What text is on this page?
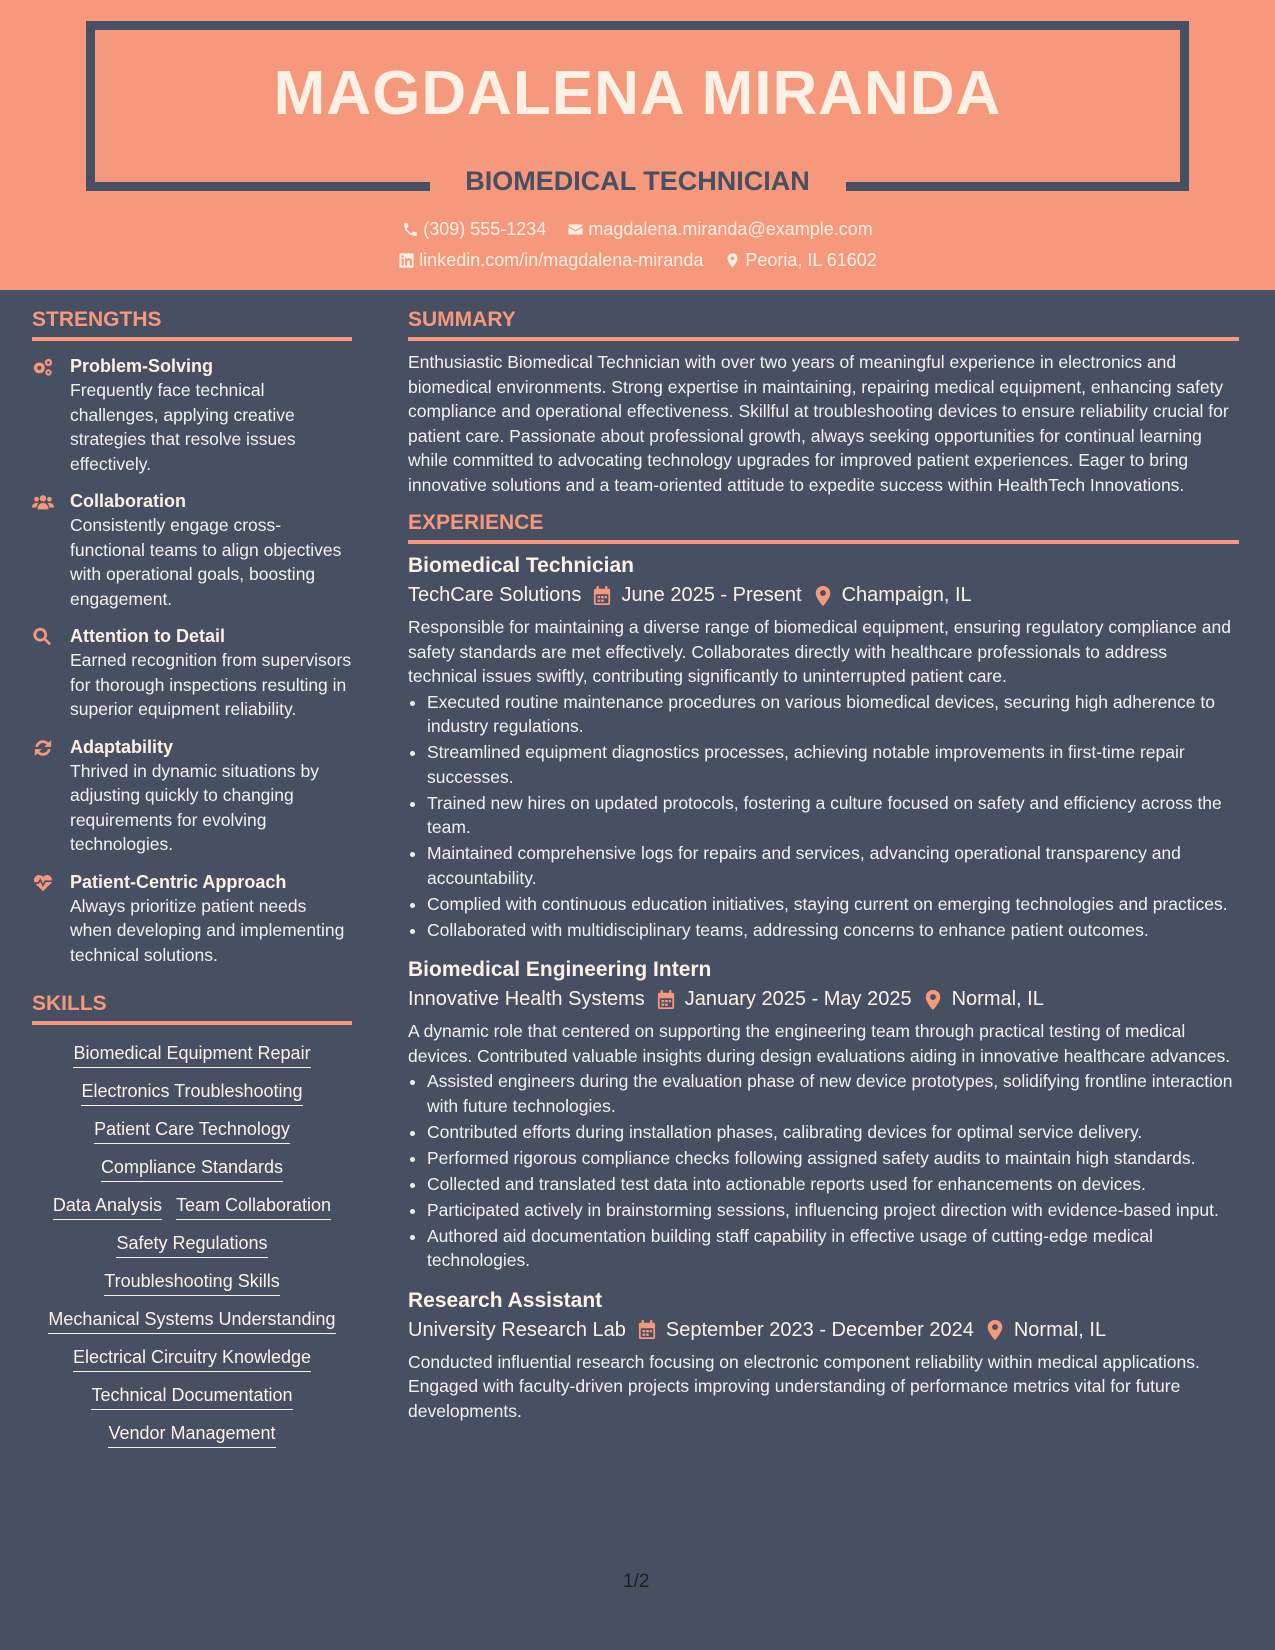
MAGDALENA MIRANDA
BIOMEDICAL TECHNICIAN
(309) 555-1234
magdalena.miranda@example.com
linkedin.com/in/magdalena-miranda
Peoria, IL 61602
STRENGTHS
Problem-Solving
Frequently face technical challenges, applying creative strategies that resolve issues effectively.
Collaboration
Consistently engage cross-functional teams to align objectives with operational goals, boosting engagement.
Attention to Detail
Earned recognition from supervisors for thorough inspections resulting in superior equipment reliability.
Adaptability
Thrived in dynamic situations by adjusting quickly to changing requirements for evolving technologies.
Patient-Centric Approach
Always prioritize patient needs when developing and implementing technical solutions.
SKILLS
Biomedical Equipment Repair
Electronics Troubleshooting
Patient Care Technology
Compliance Standards
Data Analysis Team Collaboration
Safety Regulations
Troubleshooting Skills
Mechanical Systems Understanding
Electrical Circuitry Knowledge
Technical Documentation
Vendor Management
SUMMARY
Enthusiastic Biomedical Technician with over two years of meaningful experience in electronics and biomedical environments. Strong expertise in maintaining, repairing medical equipment, enhancing safety compliance and operational effectiveness. Skillful at troubleshooting devices to ensure reliability crucial for patient care. Passionate about professional growth, always seeking opportunities for continual learning while committed to advocating technology upgrades for improved patient experiences. Eager to bring innovative solutions and a team-oriented attitude to expedite success within HealthTech Innovations.
EXPERIENCE
Biomedical Technician
TechCare Solutions June 2025 - Present Champaign, IL
Responsible for maintaining a diverse range of biomedical equipment, ensuring regulatory compliance and safety standards are met effectively. Collaborates directly with healthcare professionals to address technical issues swiftly, contributing significantly to uninterrupted patient care.
• Executed routine maintenance procedures on various biomedical devices, securing high adherence to industry regulations.
• Streamlined equipment diagnostics processes, achieving notable improvements in first-time repair successes.
• Trained new hires on updated protocols, fostering a culture focused on safety and efficiency across the team.
• Maintained comprehensive logs for repairs and services, advancing operational transparency and accountability.
• Complied with continuous education initiatives, staying current on emerging technologies and practices.
• Collaborated with multidisciplinary teams, addressing concerns to enhance patient outcomes.
Biomedical Engineering Intern
Innovative Health Systems January 2025 - May 2025 Normal, IL
A dynamic role that centered on supporting the engineering team through practical testing of medical devices. Contributed valuable insights during design evaluations aiding in innovative healthcare advances.
• Assisted engineers during the evaluation phase of new device prototypes, solidifying frontline interaction with future technologies.
• Contributed efforts during installation phases, calibrating devices for optimal service delivery.
• Performed rigorous compliance checks following assigned safety audits to maintain high standards.
• Collected and translated test data into actionable reports used for enhancements on devices.
• Participated actively in brainstorming sessions, influencing project direction with evidence-based input.
• Authored aid documentation building staff capability in effective usage of cutting-edge medical technologies.
Research Assistant
University Research Lab September 2023 - December 2024 Normal, IL
Conducted influential research focusing on electronic component reliability within medical applications. Engaged with faculty-driven projects improving understanding of performance metrics vital for future developments.
1/2
